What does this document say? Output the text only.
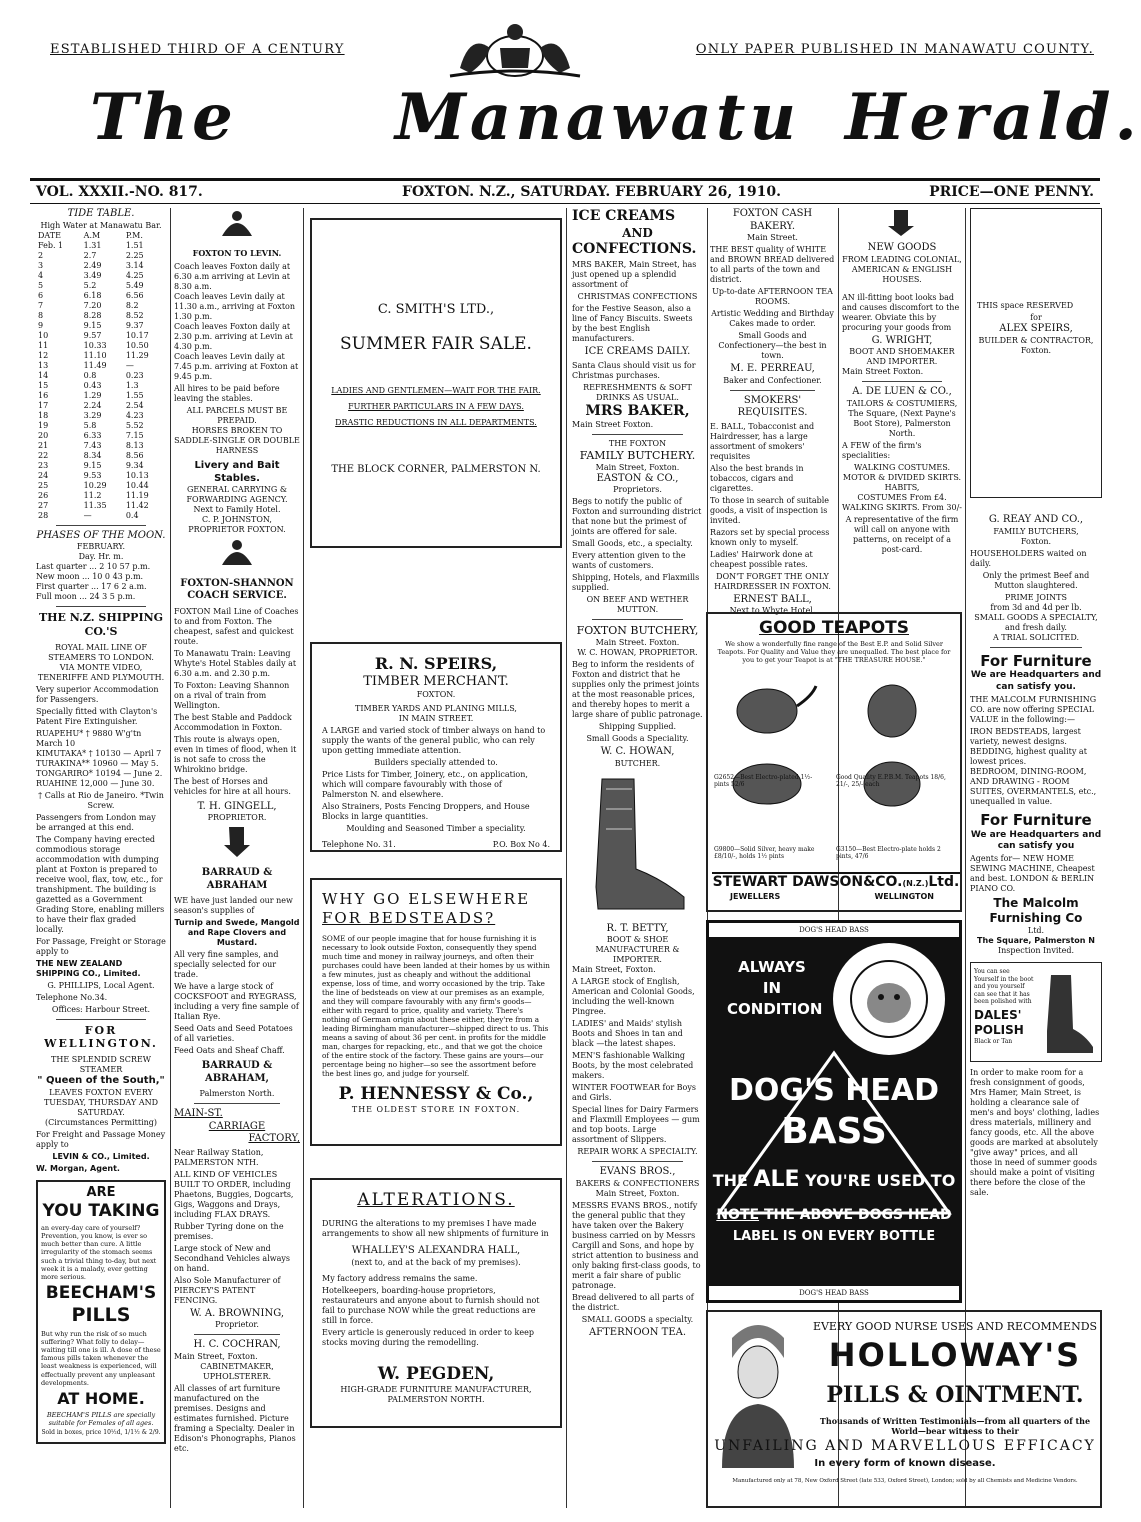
ESTABLISHED THIRD OF A CENTURY	ONLY PAPER PUBLISHED IN MANAWATU COUNTY.
The Manawatu Herald.
VOL. XXXII.-NO. 817.	FOXTON. N.Z., SATURDAY. FEBRUARY 26, 1910.	PRICE—ONE PENNY.
TIDE TABLE.
High Water at Manawatu Bar.
DATE	A.M	P.M.
Feb. 1	1.31	1.51
2	2.7	2.25
3	2.49	3.14
4	3.49	4.25
5	5.2	5.49
6	6.18	6.56
7	7.20	8.2
8	8.28	8.52
9	9.15	9.37
10	9.57	10.17
11	10.33	10.50
12	11.10	11.29
13	11.49	—
14	0.8	0.23
15	0.43	1.3
16	1.29	1.55
17	2.24	2.54
18	3.29	4.23
19	5.8	5.52
20	6.33	7.15
21	7.43	8.13
22	8.34	8.56
23	9.15	9.34
24	9.53	10.13
25	10.29	10.44
26	11.2	11.19
27	11.35	11.42
28	—	0.4
PHASES OF THE MOON.
FEBRUARY.
Day. Hr. m.
Last quarter ... 2 10 57 p.m.
New moon ... 10 0 43 p.m.
First quarter ... 17 6 2 a.m.
Full moon ... 24 3 5 p.m.
THE N.Z. SHIPPING CO.'S
ROYAL MAIL LINE OF STEAMERS TO LONDON.
VIA MONTE VIDEO, TENERIFFE AND PLYMOUTH.

Very superior Accommodation for Passengers.

Specially fitted with Clayton's Patent Fire Extinguisher.

RUAPEHU* † 9880 W'g'tn March 10
KIMUTAKA* † 10130 — April 7
TURAKINA** 10960 — May 5.
TONGARIRO* 10194 — June 2.
RUAHINE 12,000 — June 30.

† Calls at Rio de Janeiro. *Twin Screw.

Passengers from London may be arranged at this end.

The Company having erected commodious storage accommodation with dumping plant at Foxton is prepared to receive wool, flax, tow, etc., for transhipment. The building is gazetted as a Government Grading Store, enabling millers to have their flax graded locally.

For Passage, Freight or Storage apply to

THE NEW ZEALAND SHIPPING CO., Limited.

G. PHILLIPS, Local Agent.

Telephone No.34.

Offices: Harbour Street.

FOR WELLINGTON.
THE SPLENDID SCREW STEAMER
" Queen of the South,"
LEAVES FOXTON EVERY TUESDAY, THURSDAY AND SATURDAY.
(Circumstances Permitting)

For Freight and Passage Money apply to

LEVIN & CO., Limited.

W. Morgan, Agent.

ARE
YOU TAKING

an every-day care of yourself? Prevention, you know, is ever so much better than cure. A little irregularity of the stomach seems such a trivial thing to-day, but next week it is a malady, ever getting more serious.

BEECHAM'S
PILLS

But why run the risk of so much suffering? What folly to delay—waiting till one is ill. A dose of these famous pills taken whenever the least weakness is experienced, will effectually prevent any unpleasant developments.

AT HOME.

BEECHAM'S PILLS are specially suitable for Females of all ages.

Sold in boxes, price 10½d, 1/1½ & 2/9.

FOXTON TO LEVIN.
Coach leaves Foxton daily at 6.30 a.m arriving at Levin at 8.30 a.m.
Coach leaves Levin daily at 11.30 a.m., arriving at Foxton 1.30 p.m.
Coach leaves Foxton daily at 2.30 p.m. arriving at Levin at 4.30 p.m.
Coach leaves Levin daily at 7.45 p.m. arriving at Foxton at 9.45 p.m.

All hires to be paid before leaving the stables.

ALL PARCELS MUST BE PREPAID.
HORSES BROKEN TO SADDLE-SINGLE OR DOUBLE HARNESS
Livery and Bait Stables.
GENERAL CARRYING & FORWARDING AGENCY.
Next to Family Hotel.
C. P. JOHNSTON, PROPRIETOR FOXTON.
FOXTON-SHANNON COACH SERVICE.

FOXTON Mail Line of Coaches to and from Foxton. The cheapest, safest and quickest route.

To Manawatu Train: Leaving Whyte's Hotel Stables daily at 6.30 a.m. and 2.30 p.m.

To Foxton: Leaving Shannon on a rival of train from Wellington.

The best Stable and Paddock Accommodation in Foxton.

This route is always open, even in times of flood, when it is not safe to cross the Whirokino bridge.

The best of Horses and vehicles for hire at all hours.

T. H. GINGELL,
PROPRIETOR.
BARRAUD & ABRAHAM

WE have just landed our new season's supplies of

Turnip and Swede, Mangold and Rape Clovers and Mustard.

All very fine samples, and specially selected for our trade.

We have a large stock of COCKSFOOT and RYEGRASS, including a very fine sample of Italian Rye.

Seed Oats and Seed Potatoes of all varieties.

Feed Oats and Sheaf Chaff.

BARRAUD & ABRAHAM,
Palmerston North.
MAIN-ST.
CARRIAGE
FACTORY,

Near Railway Station, PALMERSTON NTH.

ALL KIND OF VEHICLES BUILT TO ORDER, including Phaetons, Buggies, Dogcarts, Gigs, Waggons and Drays, including FLAX DRAYS.

Rubber Tyring done on the premises.

Large stock of New and Secondhand Vehicles always on hand.

Also Sole Manufacturer of PIERCEY'S PATENT FENCING.

W. A. BROWNING,
Proprietor.
H. C. COCHRAN,
Main Street, Foxton.
CABINETMAKER, UPHOLSTERER.

All classes of art furniture manufactured on the premises. Designs and estimates furnished. Picture framing a Specialty. Dealer in Edison's Phonographs, Pianos etc.

C. SMITH'S LTD.,
SUMMER FAIR SALE.
LADIES AND GENTLEMEN—WAIT FOR THE FAIR.
FURTHER PARTICULARS IN A FEW DAYS.
DRASTIC REDUCTIONS IN ALL DEPARTMENTS.
THE BLOCK CORNER, PALMERSTON N.
R. N. SPEIRS,
TIMBER MERCHANT.
FOXTON.
TIMBER YARDS AND PLANING MILLS,
IN MAIN STREET.

A LARGE and varied stock of timber always on hand to supply the wants of the general public, who can rely upon getting immediate attention.

Builders specially attended to.

Price Lists for Timber, Joinery, etc., on application, which will compare favourably with those of Palmerston N. and elsewhere.

Also Strainers, Posts Fencing Droppers, and House Blocks in large quantities.

Moulding and Seasoned Timber a speciality.

Telephone No. 31.	P.O. Box No 4.
WHY GO ELSEWHERE
FOR BEDSTEADS?

SOME of our people imagine that for house furnishing it is necessary to look outside Foxton, consequently they spend much time and money in railway journeys, and often their purchases could have been landed at their homes by us within a few minutes, just as cheaply and without the additional expense, loss of time, and worry occasioned by the trip. Take the line of bedsteads on view at our premises as an example, and they will compare favourably with any firm's goods—either with regard to price, quality and variety. There's nothing of German origin about these either, they're from a leading Birmingham manufacturer—shipped direct to us. This means a saving of about 36 per cent. in profits for the middle man, charges for repacking, etc., and that we got the choice of the entire stock of the factory. These gains are yours—our percentage being no higher—so see the assortment before the best lines go, and judge for yourself.

P. HENNESSY & Co.,
THE OLDEST STORE IN FOXTON.
ALTERATIONS.

DURING the alterations to my premises I have made arrangements to show all new shipments of furniture in

WHALLEY'S ALEXANDRA HALL,
(next to, and at the back of my premises).

My factory address remains the same.

Hotelkeepers, boarding-house proprietors, restaurateurs and anyone about to furnish should not fail to purchase NOW while the great reductions are still in force.

Every article is generously reduced in order to keep stocks moving during the remodelling.

W. PEGDEN,
HIGH-GRADE FURNITURE MANUFACTURER,
PALMERSTON NORTH.
ICE CREAMS
AND
CONFECTIONS.

MRS BAKER, Main Street, has just opened up a splendid assortment of

CHRISTMAS CONFECTIONS

for the Festive Season, also a line of Fancy Biscuits. Sweets by the best English manufacturers.

ICE CREAMS DAILY.

Santa Claus should visit us for Christmas purchases.

REFRESHMENTS & SOFT DRINKS AS USUAL.
MRS BAKER,
Main Street Foxton.
THE FOXTON
FAMILY BUTCHERY.
Main Street, Foxton.
EASTON & CO.,
Proprietors.

Begs to notify the public of Foxton and surrounding district that none but the primest of joints are offered for sale.

Small Goods, etc., a specialty.

Every attention given to the wants of customers.

Shipping, Hotels, and Flaxmills supplied.

ON BEEF AND WETHER MUTTON.

FOXTON BUTCHERY,
Main Street. Foxton.
W. C. HOWAN, PROPRIETOR.

Beg to inform the residents of Foxton and district that he supplies only the primest joints at the most reasonable prices, and thereby hopes to merit a large share of public patronage.

Shipping Supplied.

Small Goods a Speciality.

W. C. HOWAN,
BUTCHER.
R. T. BETTY,
BOOT & SHOE MANUFACTURER & IMPORTER.
Main Street, Foxton.

A LARGE stock of English, American and Colonial Goods, including the well-known Pingree.

LADIES' and Maids' stylish Boots and Shoes in tan and black —the latest shapes.

MEN'S fashionable Walking Boots, by the most celebrated makers.

WINTER FOOTWEAR for Boys and Girls.

Special lines for Dairy Farmers and Flaxmill Employees — gum and top boots. Large assortment of Slippers.

REPAIR WORK A SPECIALTY.

EVANS BROS.,
BAKERS & CONFECTIONERS
Main Street, Foxton.

MESSRS EVANS BROS., notify the general public that they have taken over the Bakery business carried on by Messrs Cargill and Sons, and hope by strict attention to business and only baking first-class goods, to merit a fair share of public patronage.

Bread delivered to all parts of the district.

SMALL GOODS a specialty.

AFTERNOON TEA.
FOXTON CASH BAKERY.
Main Street.

THE BEST quality of WHITE and BROWN BREAD delivered to all parts of the town and district.

Up-to-date AFTERNOON TEA ROOMS.

Artistic Wedding and Birthday Cakes made to order.

Small Goods and Confectionery—the best in town.

M. E. PERREAU,
Baker and Confectioner.
SMOKERS' REQUISITES.

E. BALL, Tobacconist and Hairdresser, has a large assortment of smokers' requisites

Also the best brands in tobaccos, cigars and cigarettes.

To those in search of suitable goods, a visit of inspection is invited.

Razors set by special process known only to myself.

Ladies' Hairwork done at cheapest possible rates.

DON'T FORGET THE ONLY HAIRDRESSER IN FOXTON.

ERNEST BALL,
Next to Whyte Hotel.
NEW GOODS
FROM LEADING COLONIAL, AMERICAN & ENGLISH HOUSES.

AN ill-fitting boot looks bad and causes discomfort to the wearer. Obviate this by procuring your goods from

G. WRIGHT,
BOOT AND SHOEMAKER AND IMPORTER.
Main Street Foxton.
A. DE LUEN & CO.,
TAILORS & COSTUMIERS,
The Square, (Next Payne's Boot Store), Palmerston North.

A FEW of the firm's specialities:

WALKING COSTUMES.
MOTOR & DIVIDED SKIRTS.
HABITS,
COSTUMES From £4.
WALKING SKIRTS. From 30/-

A representative of the firm will call on anyone with patterns, on receipt of a post-card.

THIS space RESERVED

for
ALEX SPEIRS,
BUILDER & CONTRACTOR,
Foxton.
G. REAY AND CO.,
FAMILY BUTCHERS,
Foxton.

HOUSEHOLDERS waited on daily.

Only the primest Beef and Mutton slaughtered.

PRIME JOINTS
from 3d and 4d per lb.
SMALL GOODS A SPECIALTY, and fresh daily.
A TRIAL SOLICITED.
For Furniture
We are Headquarters and can satisfy you.

THE MALCOLM FURNISHING CO. are now offering SPECIAL VALUE in the following:—

IRON BEDSTEADS, largest variety, newest designs.
BEDDING, highest quality at lowest prices.
BEDROOM, DINING-ROOM, AND DRAWING - ROOM SUITES, OVERMANTELS, etc., unequalled in value.
For Furniture
We are Headquarters and can satisfy you

Agents for— NEW HOME SEWING MACHINE, Cheapest and best. LONDON & BERLIN PIANO CO.

The Malcolm Furnishing Co
Ltd.
The Square, Palmerston N
Inspection Invited.

You can see Yourself in the boot and you yourself can see that it has been polished with

DALES' POLISH
Black or Tan

In order to make room for a fresh consignment of goods, Mrs Hamer, Main Street, is holding a clearance sale of men's and boys' clothing, ladies dress materials, millinery and fancy goods, etc. All the above goods are marked at absolutely "give away" prices, and all those in need of summer goods should make a point of visiting there before the close of the sale.

GOOD TEAPOTS

We show a wonderfully fine range of the Best E.P. and Solid Silver Teapots. For Quality and Value they are unequalled. The best place for you to get your Teapot is at "THE TREASURE HOUSE."

G2652—Best Electro-plated 1½-pints 52/6
Good Quality E.P.B.M. Teapots 18/6, 21/-, 25/- each
G9800—Solid Silver, heavy make £8/10/-, holds 1½ pints
G3150—Best Electro-plate holds 2 pints, 47/6
STEWART DAWSON&CO.(N.Z.)Ltd.
JEWELLERS	WELLINGTON
DOG'S HEAD BASS
DOG'S HEAD BASS
ALWAYS
IN
CONDITION
DOG'S HEAD
BASS
THE ALE YOU'RE USED TO
NOTE THE ABOVE DOGS HEAD
LABEL IS ON EVERY BOTTLE
EVERY GOOD NURSE USES AND RECOMMENDS
HOLLOWAY'S
PILLS & OINTMENT.
Thousands of Written Testimonials—from all quarters of the World—bear witness to their
UNFAILING AND MARVELLOUS EFFICACY
In every form of known disease.
Manufactured only at 78, New Oxford Street (late 533, Oxford Street), London; sold by all Chemists and Medicine Vendors.
